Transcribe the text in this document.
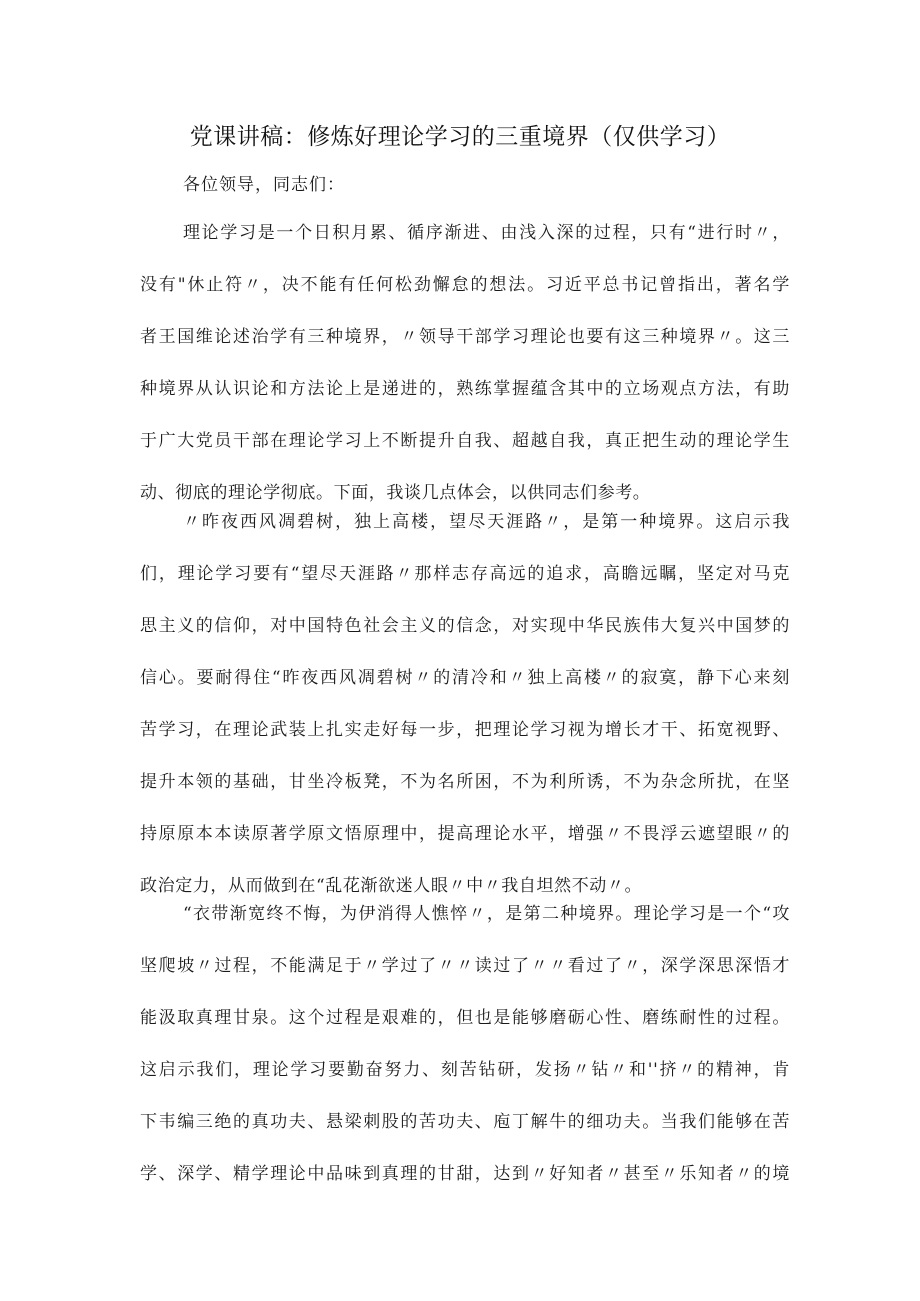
党课讲稿：修炼好理论学习的三重境界（仅供学习）
各位领导，同志们：
理论学习是一个日积月累、循序渐进、由浅入深的过程，只有“进行时〃，
没有"休止符〃，决不能有任何松劲懈怠的想法。习近平总书记曾指出，著名学
者王国维论述治学有三种境界，〃领导干部学习理论也要有这三种境界〃。这三
种境界从认识论和方法论上是递进的，熟练掌握蕴含其中的立场观点方法，有助
于广大党员干部在理论学习上不断提升自我、超越自我，真正把生动的理论学生
动、彻底的理论学彻底。下面，我谈几点体会，以供同志们参考。
〃昨夜西风凋碧树，独上高楼，望尽天涯路〃，是第一种境界。这启示我
们，理论学习要有“望尽天涯路〃那样志存高远的追求，高瞻远瞩，坚定对马克
思主义的信仰，对中国特色社会主义的信念，对实现中华民族伟大复兴中国梦的
信心。要耐得住“昨夜西风凋碧树〃的清冷和〃独上高楼〃的寂寞，静下心来刻
苦学习，在理论武装上扎实走好每一步，把理论学习视为增长才干、拓宽视野、
提升本领的基础，甘坐冷板凳，不为名所困，不为利所诱，不为杂念所扰，在坚
持原原本本读原著学原文悟原理中，提高理论水平，增强〃不畏浮云遮望眼〃的
政治定力，从而做到在“乱花渐欲迷人眼〃中〃我自坦然不动〃。
“衣带渐宽终不悔，为伊消得人憔悴〃，是第二种境界。理论学习是一个“攻
坚爬坡〃过程，不能满足于〃学过了〃〃读过了〃〃看过了〃，深学深思深悟才
能汲取真理甘泉。这个过程是艰难的，但也是能够磨砺心性、磨练耐性的过程。
这启示我们，理论学习要勤奋努力、刻苦钻研，发扬〃钻〃和''挤〃的精神，肯
下韦编三绝的真功夫、悬梁刺股的苦功夫、庖丁解牛的细功夫。当我们能够在苦
学、深学、精学理论中品味到真理的甘甜，达到〃好知者〃甚至〃乐知者〃的境
